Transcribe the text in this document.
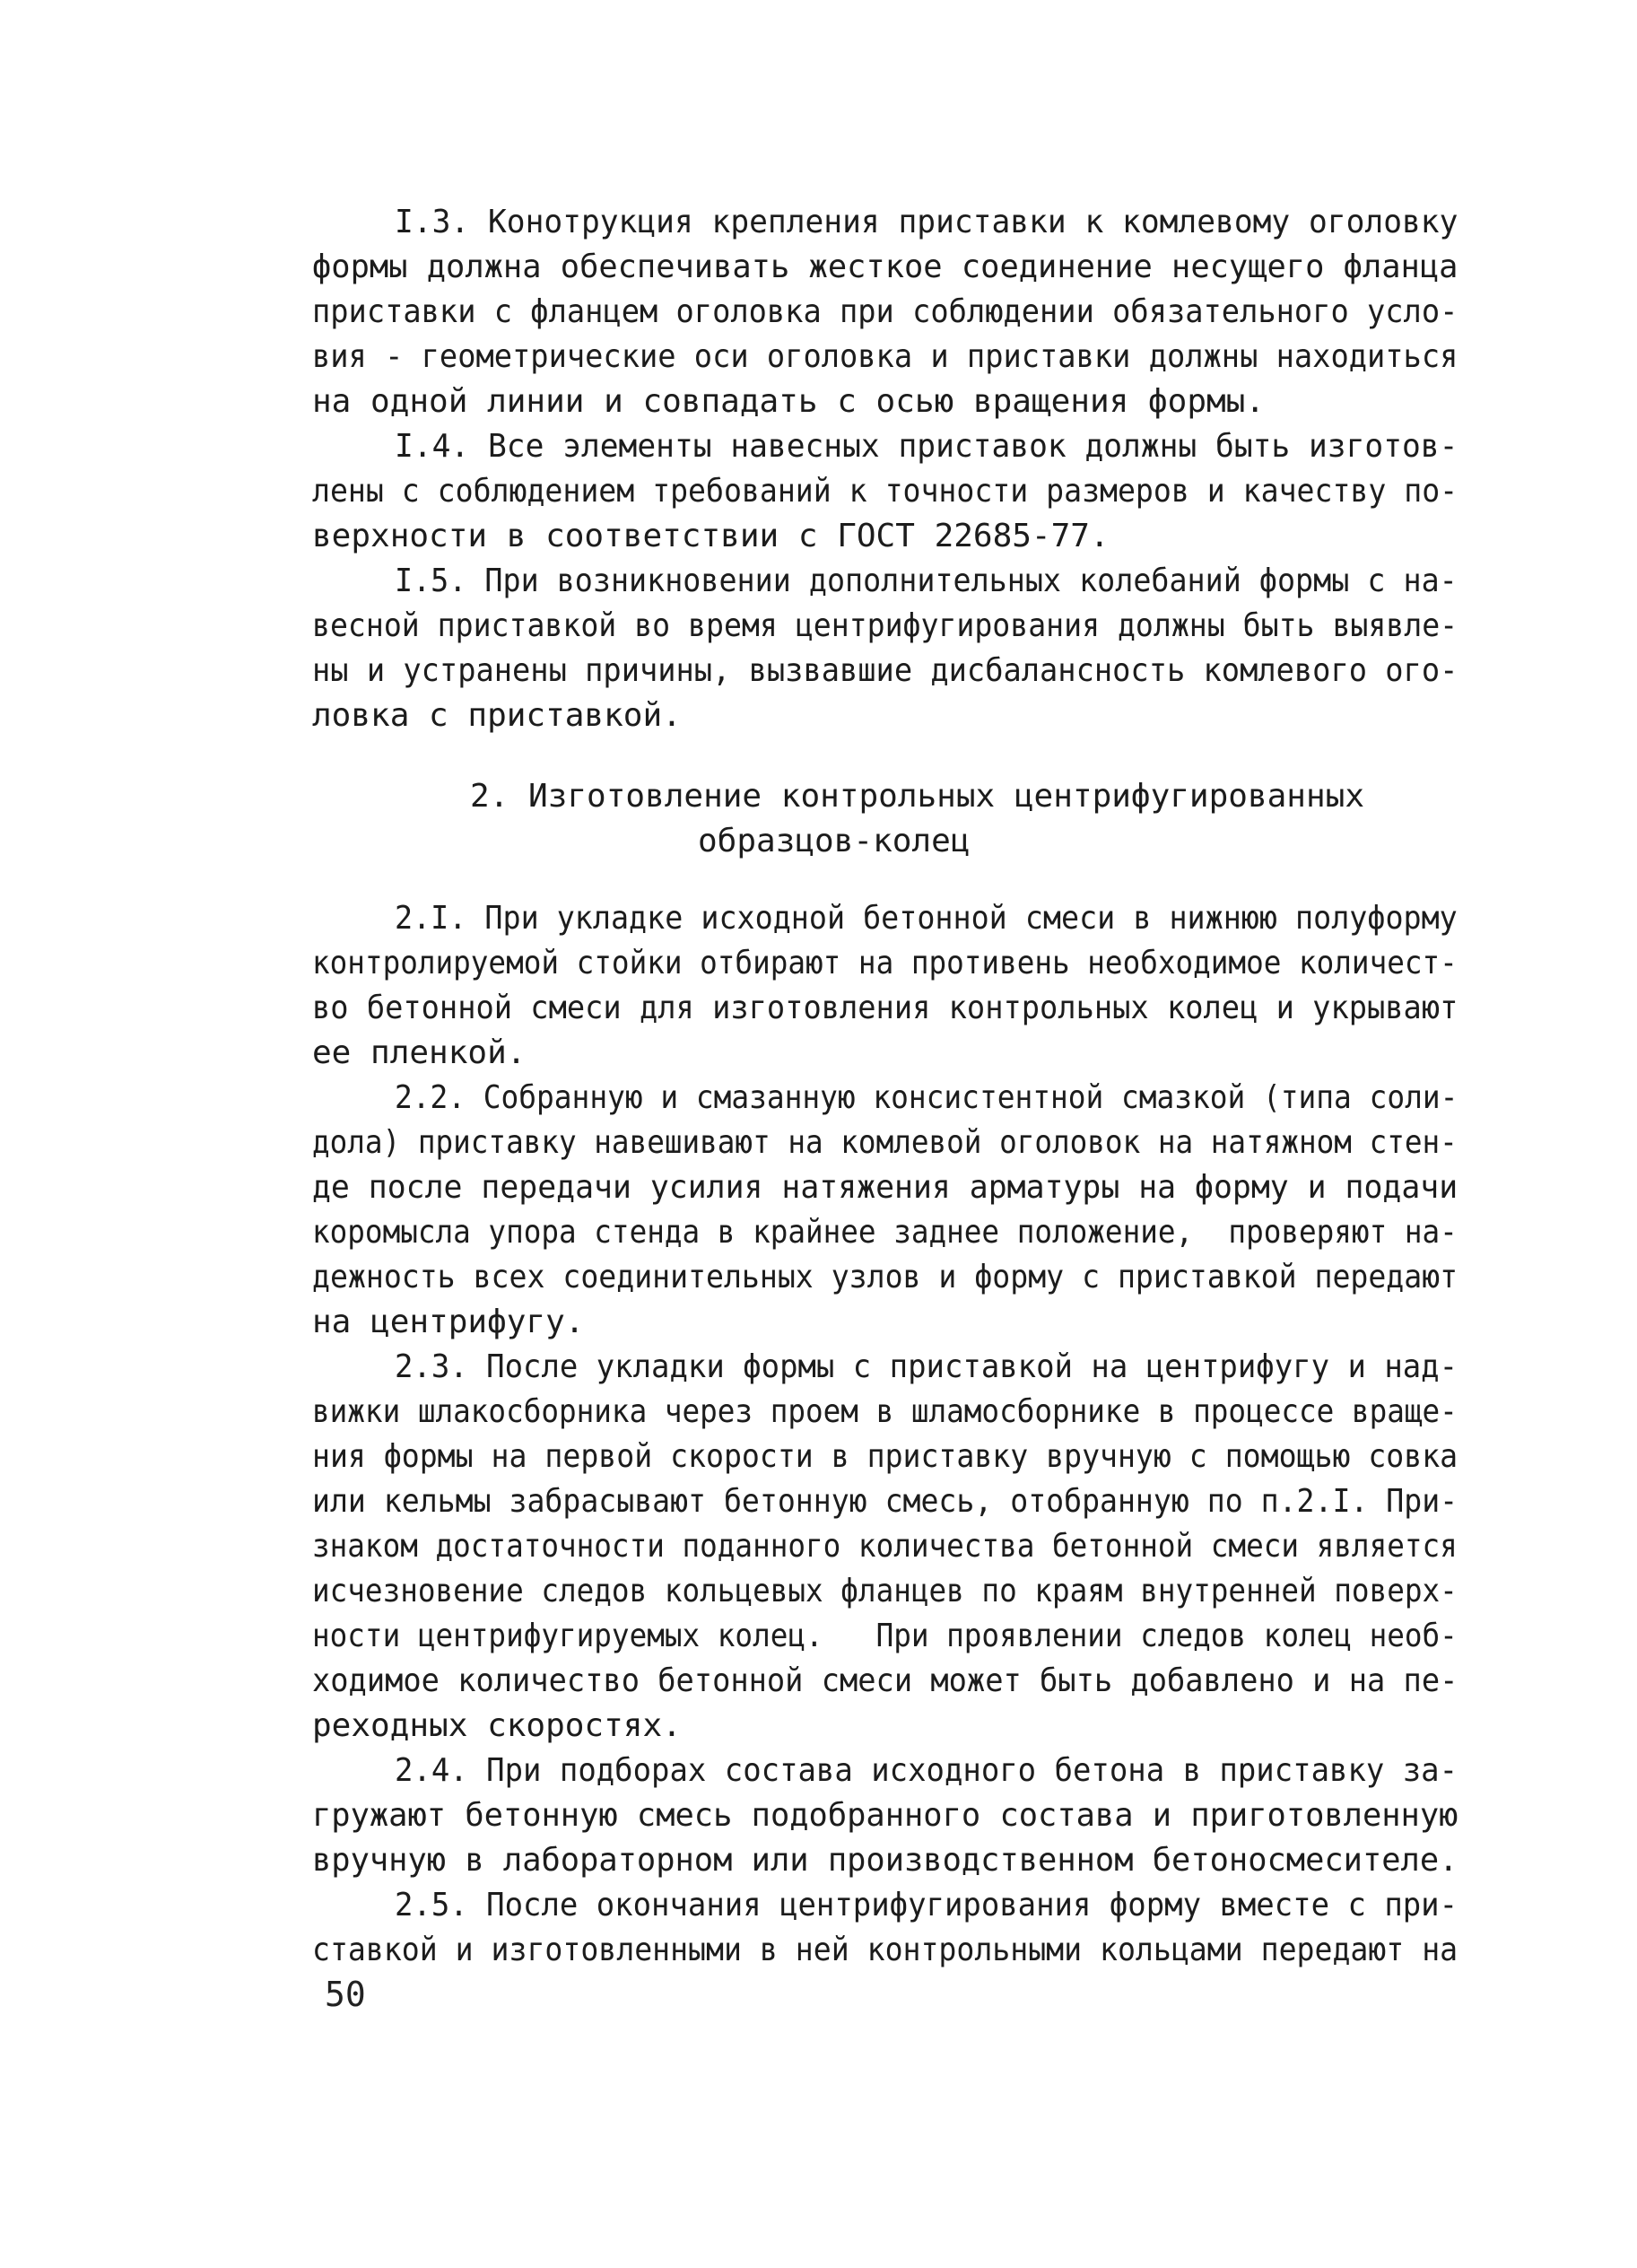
I.3. Конотрукция крепления приставки к комлевому оголовку
формы должна обеспечивать жесткое соединение несущего фланца
приставки с фланцем оголовка при соблюдении обязательного усло-
вия - геометрические оси оголовка и приставки должны находиться
на одной линии и совпадать с осью вращения формы.
I.4. Все элементы навесных приставок должны быть изготов-
лены с соблюдением требований к точности размеров и качеству по-
верхности в соответствии с ГОСТ 22685-77.
I.5. При возникновении дополнительных колебаний формы с на-
весной приставкой во время центрифугирования должны быть выявле-
ны и устранены причины, вызвавшие дисбалансность комлевого ого-
ловка с приставкой.
2. Изготовление контрольных центрифугированных
образцов-колец
2.I. При укладке исходной бетонной смеси в нижнюю полуформу
контролируемой стойки отбирают на противень необходимое количест-
во бетонной смеси для изготовления контрольных колец и укрывают
ее пленкой.
2.2. Собранную и смазанную консистентной смазкой (типа соли-
дола) приставку навешивают на комлевой оголовок на натяжном стен-
де после передачи усилия натяжения арматуры на форму и подачи
коромысла упора стенда в крайнее заднее положение,  проверяют на-
дежность всех соединительных узлов и форму с приставкой передают
на центрифугу.
2.3. После укладки формы с приставкой на центрифугу и над-
вижки шлакосборника через проем в шламосборнике в процессе враще-
ния формы на первой скорости в приставку вручную с помощью совка
или кельмы забрасывают бетонную смесь, отобранную по п.2.I. При-
знаком достаточности поданного количества бетонной смеси является
исчезновение следов кольцевых фланцев по краям внутренней поверх-
ности центрифугируемых колец.   При проявлении следов колец необ-
ходимое количество бетонной смеси может быть добавлено и на пе-
реходных скоростях.
2.4. При подборах состава исходного бетона в приставку за-
гружают бетонную смесь подобранного состава и приготовленную
вручную в лабораторном или производственном бетоносмесителе.
2.5. После окончания центрифугирования форму вместе с при-
ставкой и изготовленными в ней контрольными кольцами передают на
50
